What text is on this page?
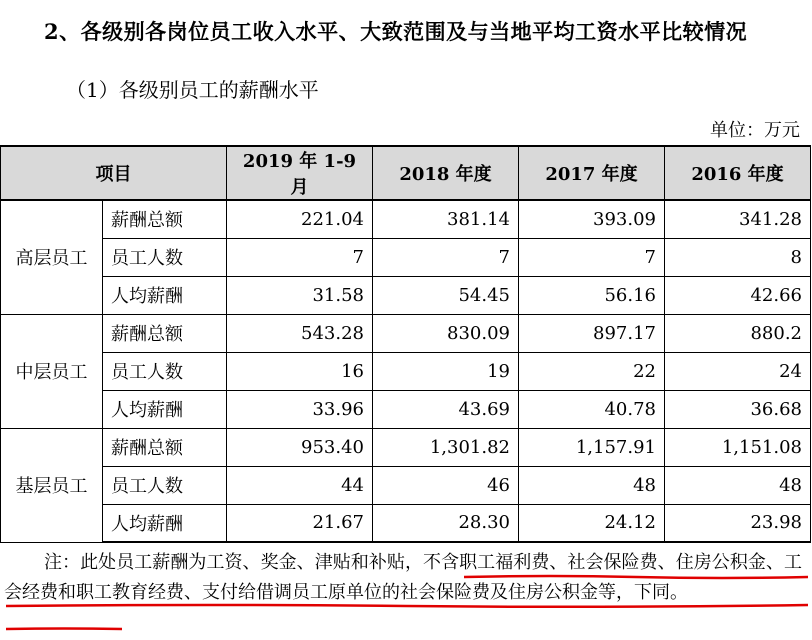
2、各级别各岗位员工收入水平、大致范围及与当地平均工资水平比较情况
（1）各级别员工的薪酬水平
单位：万元
项目		2019 年 1-9 月	2018 年度	2017 年度	2016 年度
高层员工	薪酬总额	221.04	381.14	393.09	341.28
	员工人数	7	7	7	8
	人均薪酬	31.58	54.45	56.16	42.66
中层员工	薪酬总额	543.28	830.09	897.17	880.2
	员工人数	16	19	22	24
	人均薪酬	33.96	43.69	40.78	36.68
基层员工	薪酬总额	953.40	1,301.82	1,157.91	1,151.08
	员工人数	44	46	48	48
	人均薪酬	21.67	28.30	24.12	23.98
注：此处员工薪酬为工资、奖金、津贴和补贴，不含职工福利费、社会保险费、住房公积金、工会经费和职工教育经费、支付给借调员工原单位的社会保险费及住房公积金等，下同。
